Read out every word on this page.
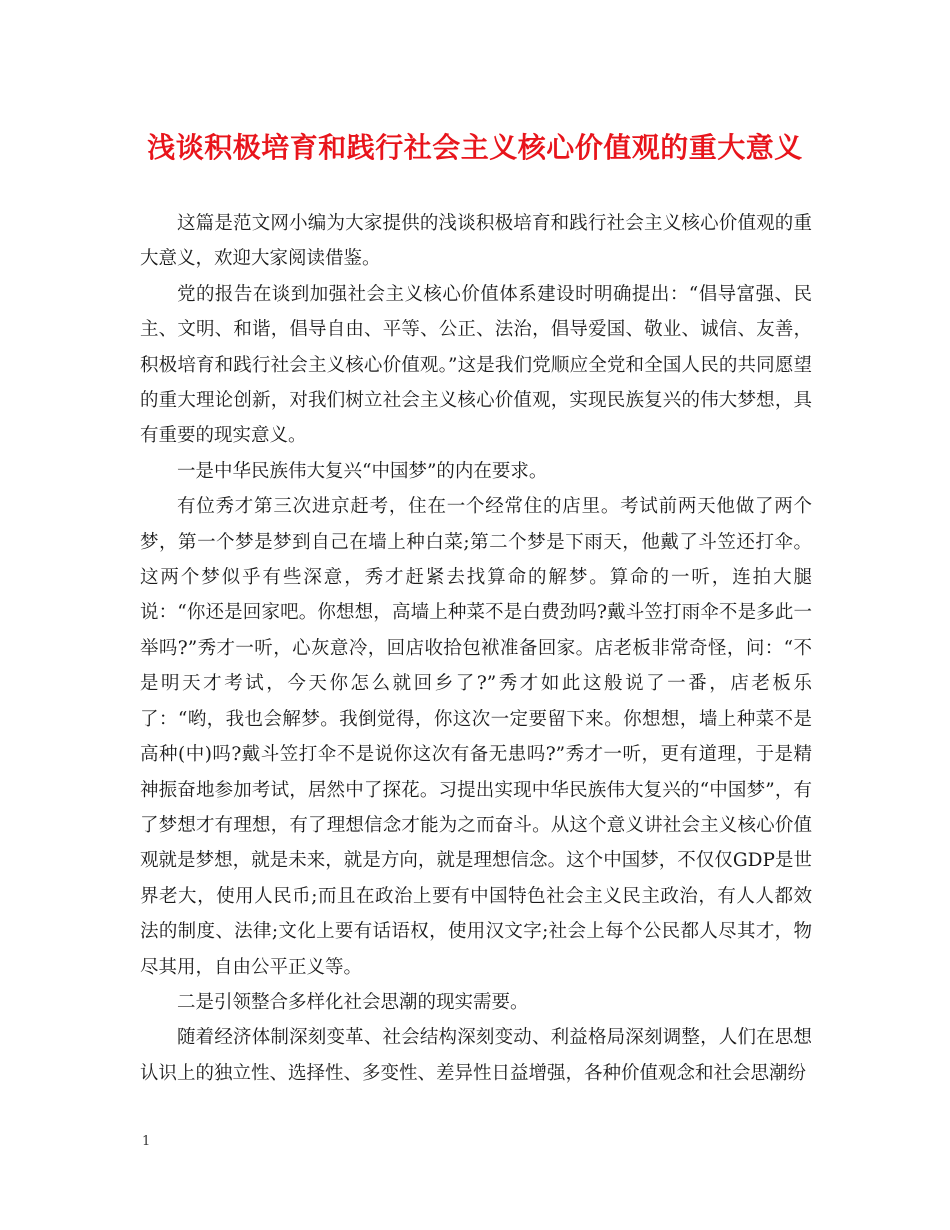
浅谈积极培育和践行社会主义核心价值观的重大意义

这篇是范文网小编为大家提供的浅谈积极培育和践行社会主义核心价值观的重大意义，欢迎大家阅读借鉴。

党的报告在谈到加强社会主义核心价值体系建设时明确提出：“倡导富强、民主、文明、和谐，倡导自由、平等、公正、法治，倡导爱国、敬业、诚信、友善，积极培育和践行社会主义核心价值观。”这是我们党顺应全党和全国人民的共同愿望的重大理论创新，对我们树立社会主义核心价值观，实现民族复兴的伟大梦想，具有重要的现实意义。

一是中华民族伟大复兴“中国梦”的内在要求。

有位秀才第三次进京赶考，住在一个经常住的店里。考试前两天他做了两个梦，第一个梦是梦到自己在墙上种白菜;第二个梦是下雨天，他戴了斗笠还打伞。这两个梦似乎有些深意，秀才赶紧去找算命的解梦。算命的一听，连拍大腿说：“你还是回家吧。你想想，高墙上种菜不是白费劲吗?戴斗笠打雨伞不是多此一举吗?”秀才一听，心灰意冷，回店收拾包袱准备回家。店老板非常奇怪，问：“不是明天才考试，今天你怎么就回乡了?”秀才如此这般说了一番，店老板乐了：“哟，我也会解梦。我倒觉得，你这次一定要留下来。你想想，墙上种菜不是高种(中)吗?戴斗笠打伞不是说你这次有备无患吗?”秀才一听，更有道理，于是精神振奋地参加考试，居然中了探花。习提出实现中华民族伟大复兴的“中国梦”，有了梦想才有理想，有了理想信念才能为之而奋斗。从这个意义讲社会主义核心价值观就是梦想，就是未来，就是方向，就是理想信念。这个中国梦，不仅仅GDP是世界老大，使用人民币;而且在政治上要有中国特色社会主义民主政治，有人人都效法的制度、法律;文化上要有话语权，使用汉文字;社会上每个公民都人尽其才，物尽其用，自由公平正义等。

二是引领整合多样化社会思潮的现实需要。

随着经济体制深刻变革、社会结构深刻变动、利益格局深刻调整，人们在思想认识上的独立性、选择性、多变性、差异性日益增强，各种价值观念和社会思潮纷

1
